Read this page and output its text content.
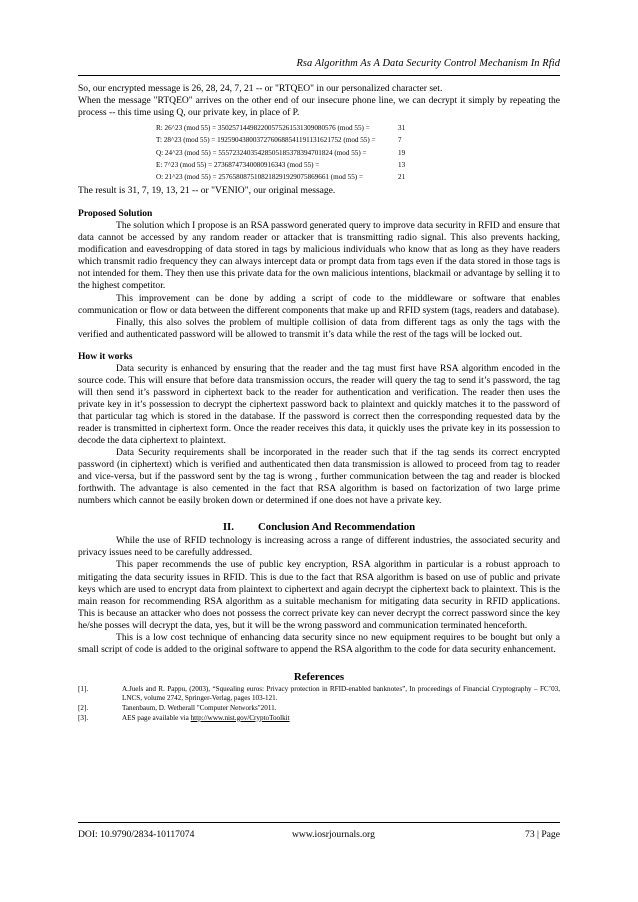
Rsa Algorithm As A Data Security Control Mechanism In Rfid

So, our encrypted message is 26, 28, 24, 7, 21 -- or "RTQEO" in our personalized character set.

When the message "RTQEO" arrives on the other end of our insecure phone line, we can decrypt it simply by repeating the process -- this time using Q, our private key, in place of P.

R: 26^23 (mod 55) = 350257144982200575261531309080576 (mod 55) =	31
T: 28^23 (mod 55) = 19259043800372760688541191131621752 (mod 55) =	7
Q: 24^23 (mod 55) = 55572324035428505185378394701824 (mod 55) =	19
E: 7^23 (mod 55) = 27368747340080916343 (mod 55) =	13
O: 21^23 (mod 55) = 2576580875108218291929075869661 (mod 55) =	21

The result is 31, 7, 19, 13, 21 -- or "VENIO", our original message.

Proposed Solution

The solution which I propose is an RSA password generated query to improve data security in RFID and ensure that data cannot be accessed by any random reader or attacker that is transmitting radio signal. This also prevents hacking, modification and eavesdropping of data stored in tags by malicious individuals who know that as long as they have readers which transmit radio frequency they can always intercept data or prompt data from tags even if the data stored in those tags is not intended for them. They then use this private data for the own malicious intentions, blackmail or advantage by selling it to the highest competitor.

This improvement can be done by adding a script of code to the middleware or software that enables communication or flow or data between the different components that make up and RFID system (tags, readers and database).

Finally, this also solves the problem of multiple collision of data from different tags as only the tags with the verified and authenticated password will be allowed to transmit it’s data while the rest of the tags will be locked out.

How it works

Data security is enhanced by ensuring that the reader and the tag must first have RSA algorithm encoded in the source code. This will ensure that before data transmission occurs, the reader will query the tag to send it’s password, the tag will then send it’s password in ciphertext back to the reader for authentication and verification. The reader then uses the private key in it’s possession to decrypt the ciphertext password back to plaintext and quickly matches it to the password of that particular tag which is stored in the database. If the password is correct then the corresponding requested data by the reader is transmitted in ciphertext form. Once the reader receives this data, it quickly uses the private key in its possession to decode the data ciphertext to plaintext.

Data Security requirements shall be incorporated in the reader such that if the tag sends its correct encrypted password (in ciphertext) which is verified and authenticated then data transmission is allowed to proceed from tag to reader and vice-versa, but if the password sent by the tag is wrong , further communication between the tag and reader is blocked forthwith. The advantage is also cemented in the fact that RSA algorithm is based on factorization of two large prime numbers which cannot be easily broken down or determined if one does not have a private key.

II. Conclusion And Recommendation

While the use of RFID technology is increasing across a range of different industries, the associated security and privacy issues need to be carefully addressed.

This paper recommends the use of public key encryption, RSA algorithm in particular is a robust approach to mitigating the data security issues in RFID. This is due to the fact that RSA algorithm is based on use of public and private keys which are used to encrypt data from plaintext to ciphertext and again decrypt the ciphertext back to plaintext. This is the main reason for recommending RSA algorithm as a suitable mechanism for mitigating data security in RFID applications. This is because an attacker who does not possess the correct private key can never decrypt the correct password since the key he/she posses will decrypt the data, yes, but it will be the wrong password and communication terminated henceforth.

This is a low cost technique of enhancing data security since no new equipment requires to be bought but only a small script of code is added to the original software to append the RSA algorithm to the code for data security enhancement.

References
[1].	A.Juels and R. Pappu, (2003), “Squealing euros: Privacy protection in RFID-enabled banknotes”, In proceedings of Financial Cryptography – FC’03, LNCS, volume 2742, Springer-Verlag, pages 103-121.
[2].	Tanenbaum, D. Wetherall "Computer Networks"2011.
[3].	AES page available via http://www.nist.gov/CryptoToolkit
DOI: 10.9790/2834-10117074	www.iosrjournals.org	73 | Page
